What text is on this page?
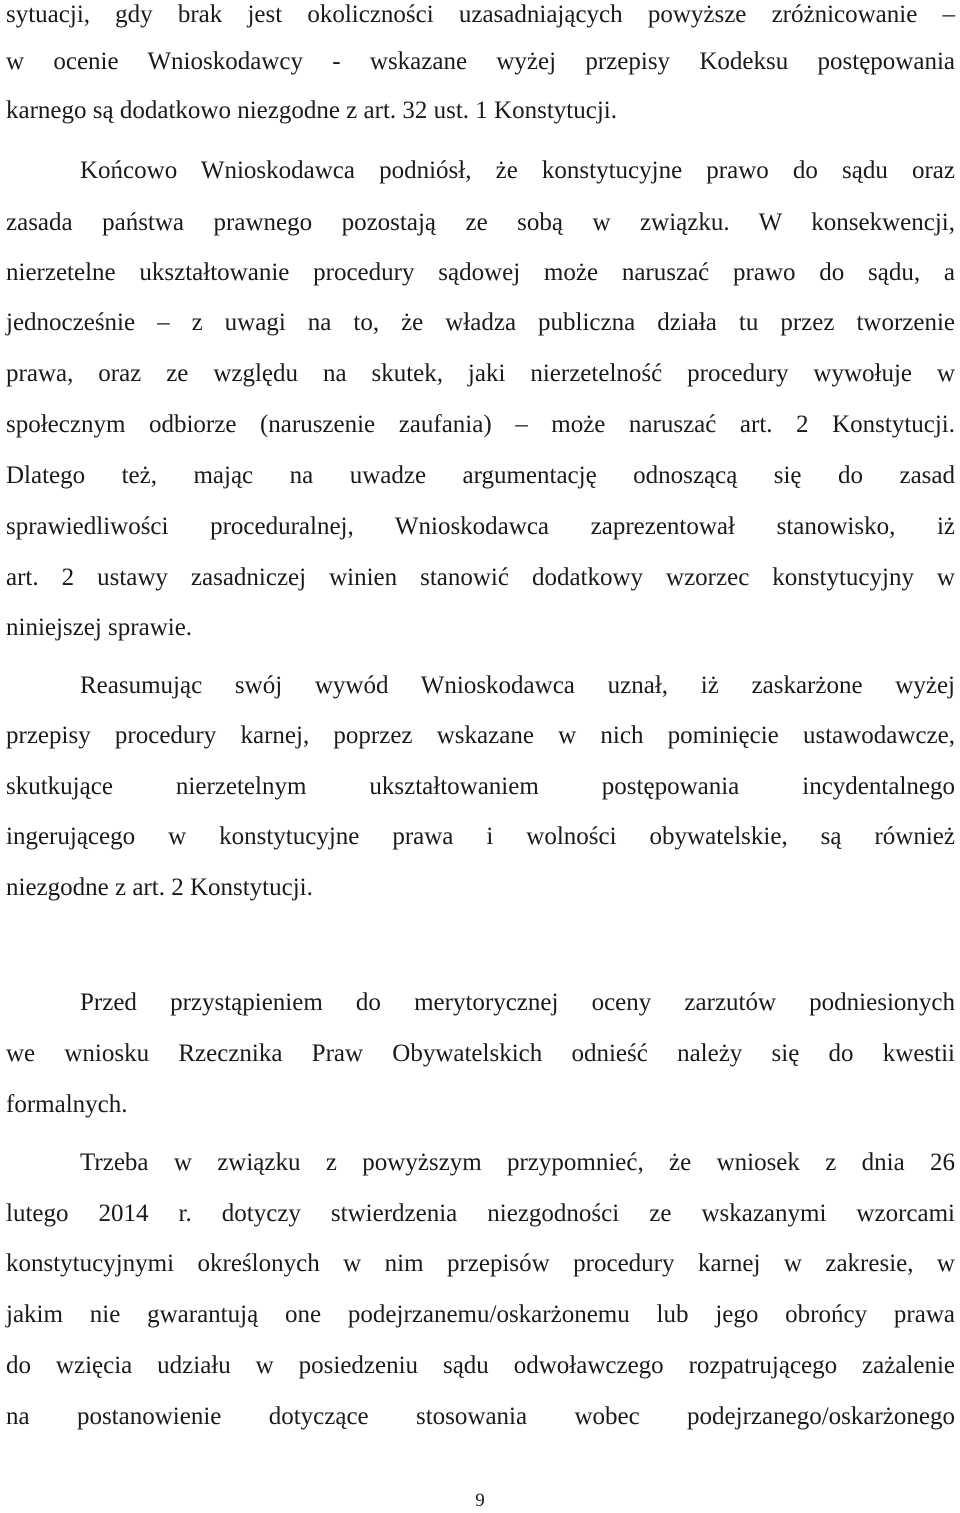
sytuacji, gdy brak jest okoliczności uzasadniających powyższe zróżnicowanie –
w ocenie Wnioskodawcy - wskazane wyżej przepisy Kodeksu postępowania
karnego są dodatkowo niezgodne z art. 32 ust. 1 Konstytucji.
Końcowo Wnioskodawca podniósł, że konstytucyjne prawo do sądu oraz
zasada państwa prawnego pozostają ze sobą w związku. W konsekwencji,
nierzetelne ukształtowanie procedury sądowej może naruszać prawo do sądu, a
jednocześnie – z uwagi na to, że władza publiczna działa tu przez tworzenie
prawa, oraz ze względu na skutek, jaki nierzetelność procedury wywołuje w
społecznym odbiorze (naruszenie zaufania) – może naruszać art. 2 Konstytucji.
Dlatego też, mając na uwadze argumentację odnoszącą się do zasad
sprawiedliwości proceduralnej, Wnioskodawca zaprezentował stanowisko, iż
art. 2 ustawy zasadniczej winien stanowić dodatkowy wzorzec konstytucyjny w
niniejszej sprawie.
Reasumując swój wywód Wnioskodawca uznał, iż zaskarżone wyżej
przepisy procedury karnej, poprzez wskazane w nich pominięcie ustawodawcze,
skutkujące nierzetelnym ukształtowaniem postępowania incydentalnego
ingerującego w konstytucyjne prawa i wolności obywatelskie, są również
niezgodne z art. 2 Konstytucji.
Przed przystąpieniem do merytorycznej oceny zarzutów podniesionych
we wniosku Rzecznika Praw Obywatelskich odnieść należy się do kwestii
formalnych.
Trzeba w związku z powyższym przypomnieć, że wniosek z dnia 26
lutego 2014 r. dotyczy stwierdzenia niezgodności ze wskazanymi wzorcami
konstytucyjnymi określonych w nim przepisów procedury karnej w zakresie, w
jakim nie gwarantują one podejrzanemu/oskarżonemu lub jego obrońcy prawa
do wzięcia udziału w posiedzeniu sądu odwoławczego rozpatrującego zażalenie
na postanowienie dotyczące stosowania wobec podejrzanego/oskarżonego
9
